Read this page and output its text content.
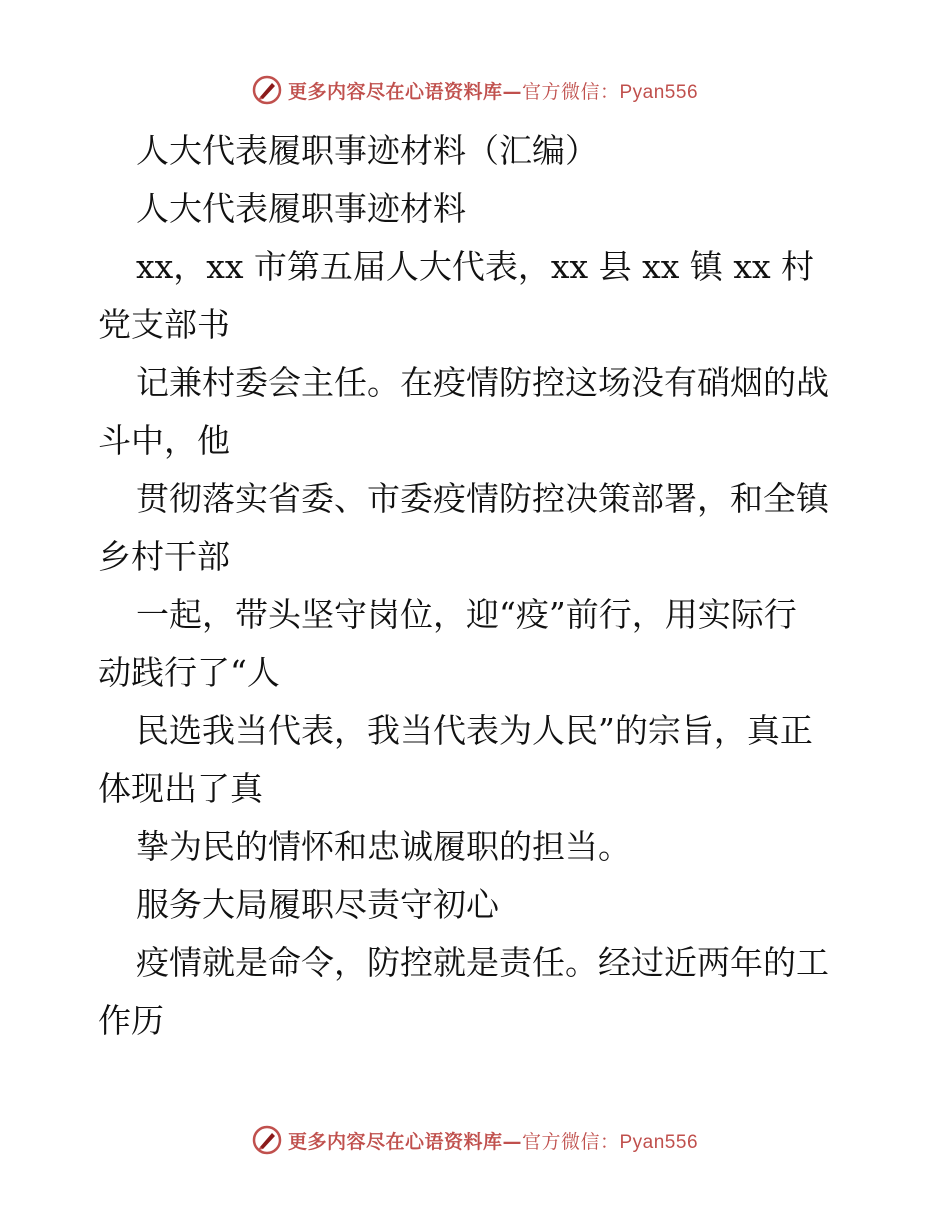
更多内容尽在心语资料库—官方微信：Pyan556
人大代表履职事迹材料（汇编）
人大代表履职事迹材料
xx，xx 市第五届人大代表，xx 县 xx 镇 xx 村
党支部书
记兼村委会主任。在疫情防控这场没有硝烟的战
斗中，他
贯彻落实省委、市委疫情防控决策部署，和全镇
乡村干部
一起，带头坚守岗位，迎“疫”前行，用实际行
动践行了“人
民选我当代表，我当代表为人民”的宗旨，真正
体现出了真
挚为民的情怀和忠诚履职的担当。
服务大局履职尽责守初心
疫情就是命令，防控就是责任。经过近两年的工
作历
更多内容尽在心语资料库—官方微信：Pyan556
